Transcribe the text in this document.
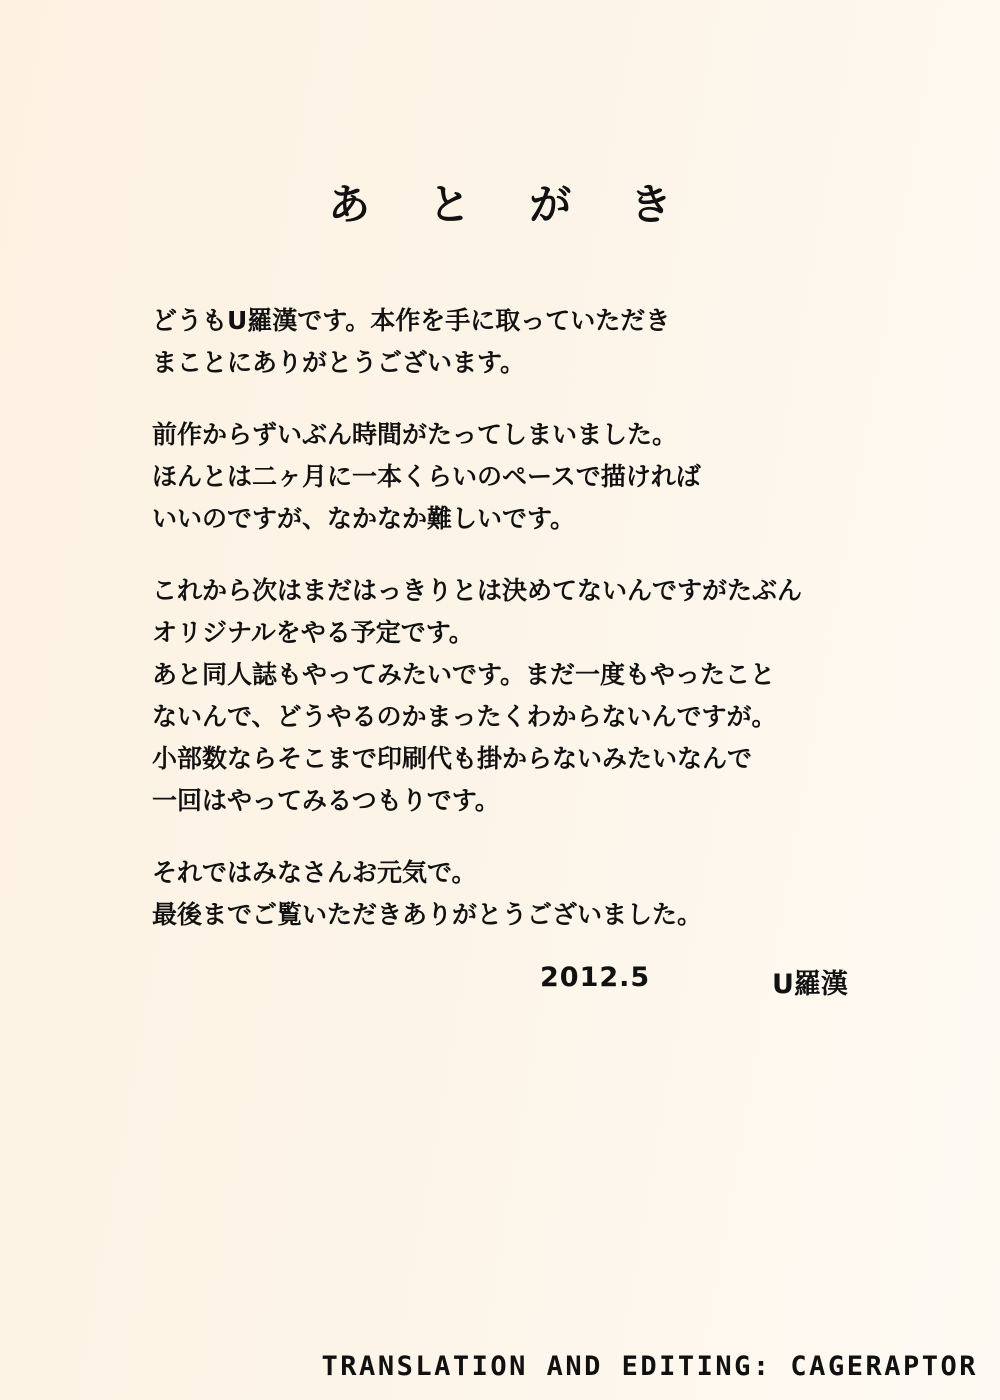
あ と が き
どうもU羅漢です。本作を手に取っていただき
まことにありがとうございます。
前作からずいぶん時間がたってしまいました。
ほんとは二ヶ月に一本くらいのペースで描ければ
いいのですが、なかなか難しいです。
これから次はまだはっきりとは決めてないんですがたぶん
オリジナルをやる予定です。
あと同人誌もやってみたいです。まだ一度もやったこと
ないんで、どうやるのかまったくわからないんですが。
小部数ならそこまで印刷代も掛からないみたいなんで
一回はやってみるつもりです。
それではみなさんお元気で。
最後までご覧いただきありがとうございました。
2012.5	U羅漢
TRANSLATION AND EDITING: CAGERAPTOR
